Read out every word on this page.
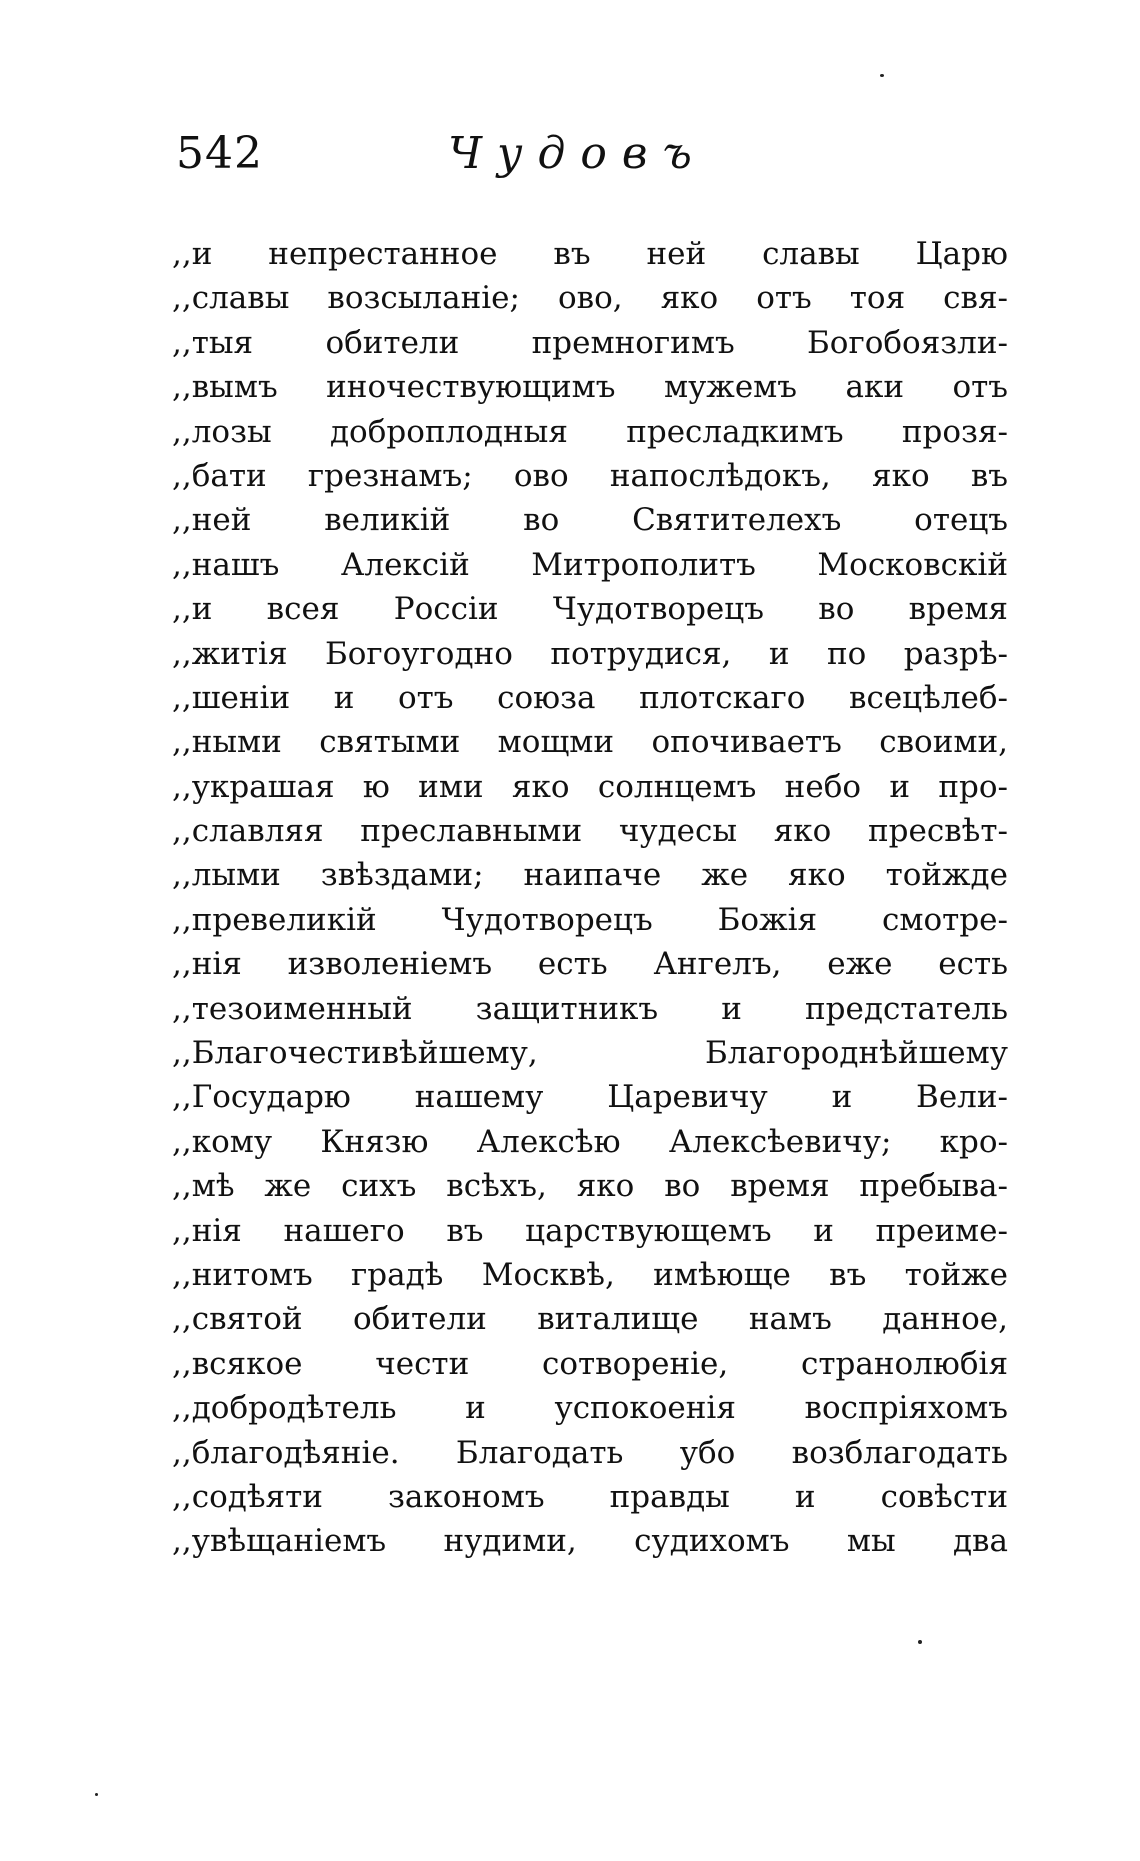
542	Чудовъ
,,и непрестанное въ ней славы Царю
,,славы возсыланіе; ово, яко отъ тоя свя-
,,тыя обители премногимъ Богобоязли-
,,вымъ иночествующимъ мужемъ аки отъ
,,лозы доброплодныя пресладкимъ прозя-
,,бати грезнамъ; ово напослѣдокъ, яко въ
,,ней великій во Святителехъ отецъ
,,нашъ Алексій Митрополитъ Московскій
,,и всея Россіи Чудотворецъ во время
,,житія Богоугодно потрудися, и по разрѣ-
,,шеніи и отъ союза плотскаго всецѣлеб-
,,ными святыми мощми опочиваетъ своими,
,,украшая ю ими яко солнцемъ небо и про-
,,славляя преславными чудесы яко пресвѣт-
,,лыми звѣздами; наипаче же яко тойжде
,,превеликій Чудотворецъ Божія смотре-
,,нія изволеніемъ есть Ангелъ, еже есть
,,тезоименный защитникъ и предстатель
,,Благочестивѣйшему, Благороднѣйшему
,,Государю нашему Царевичу и Вели-
,,кому Князю Алексѣю Алексѣевичу; кро-
,,мѣ же сихъ всѣхъ, яко во время пребыва-
,,нія нашего въ царствующемъ и преиме-
,,нитомъ градѣ Москвѣ, имѣюще въ тойже
,,святой обители виталище намъ данное,
,,всякое чести сотвореніе, странолюбія
,,добродѣтель и успокоенія воспріяхомъ
,,благодѣяніе. Благодать убо возблагодать
,,содѣяти закономъ правды и совѣсти
,,увѣщаніемъ нудими, судихомъ мы два
